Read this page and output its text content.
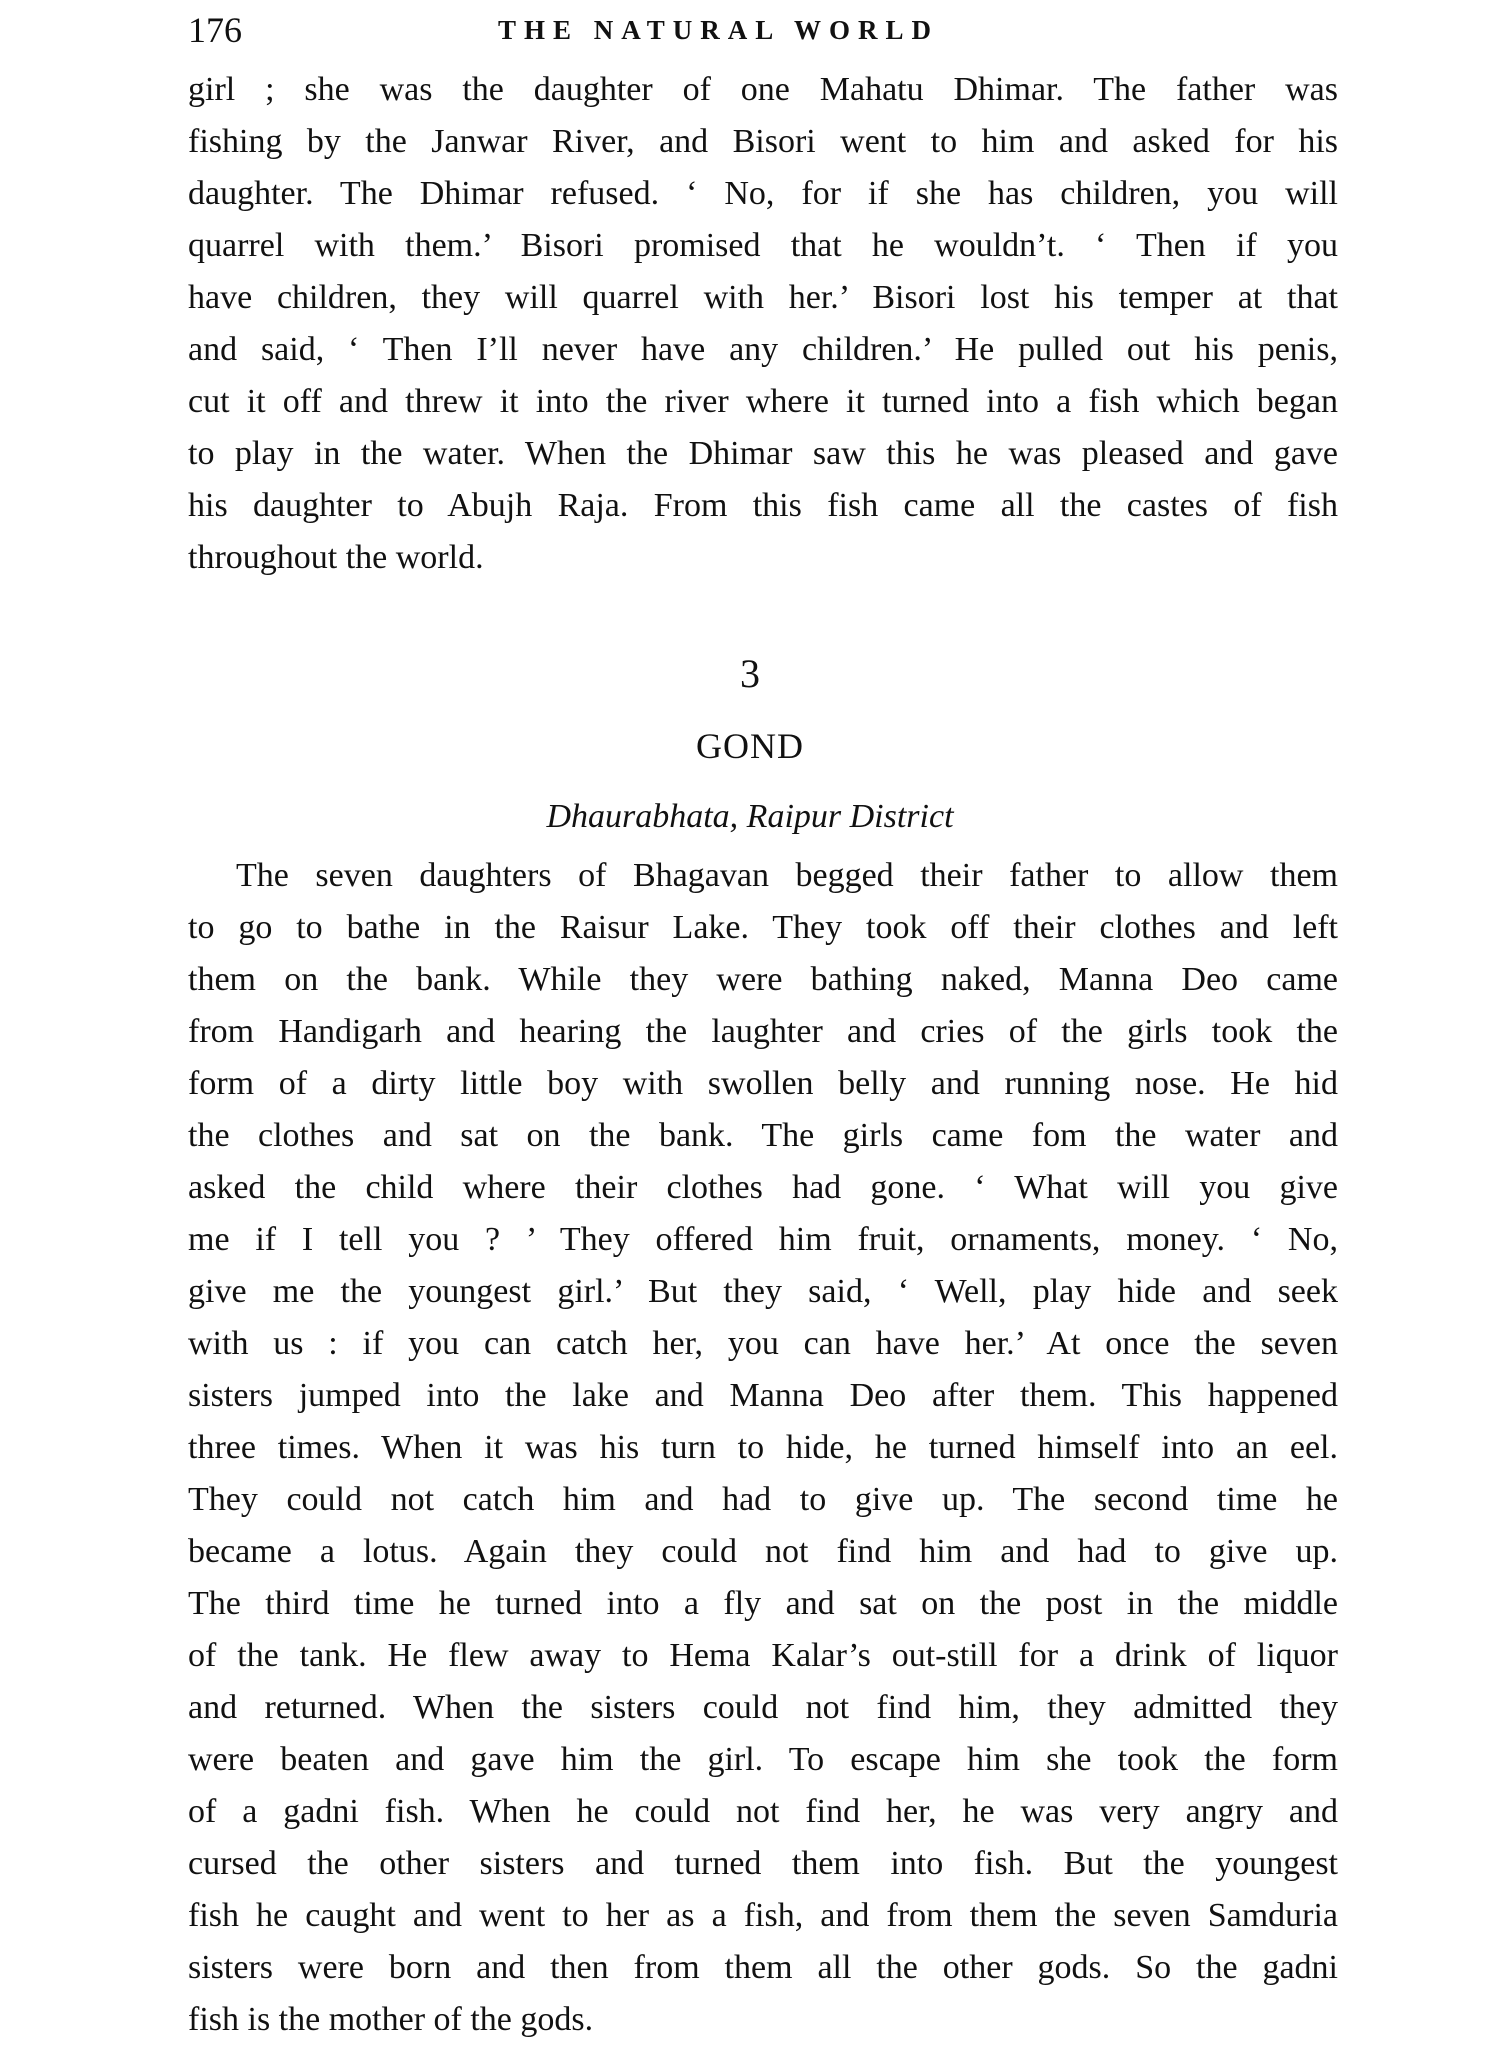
176	THE NATURAL WORLD
girl ; she was the daughter of one Mahatu Dhimar. The father was
fishing by the Janwar River, and Bisori went to him and asked for his
daughter. The Dhimar refused. ‘ No, for if she has children, you will
quarrel with them.’ Bisori promised that he wouldn’t. ‘ Then if you
have children, they will quarrel with her.’ Bisori lost his temper at that
and said, ‘ Then I’ll never have any children.’ He pulled out his penis,
cut it off and threw it into the river where it turned into a fish which began
to play in the water. When the Dhimar saw this he was pleased and gave
his daughter to Abujh Raja. From this fish came all the castes of fish
throughout the world.
3
GOND
Dhaurabhata, Raipur District
The seven daughters of Bhagavan begged their father to allow them
to go to bathe in the Raisur Lake. They took off their clothes and left
them on the bank. While they were bathing naked, Manna Deo came
from Handigarh and hearing the laughter and cries of the girls took the
form of a dirty little boy with swollen belly and running nose. He hid
the clothes and sat on the bank. The girls came fom the water and
asked the child where their clothes had gone. ‘ What will you give
me if I tell you ? ’ They offered him fruit, ornaments, money. ‘ No,
give me the youngest girl.’ But they said, ‘ Well, play hide and seek
with us : if you can catch her, you can have her.’ At once the seven
sisters jumped into the lake and Manna Deo after them. This happened
three times. When it was his turn to hide, he turned himself into an eel.
They could not catch him and had to give up. The second time he
became a lotus. Again they could not find him and had to give up.
The third time he turned into a fly and sat on the post in the middle
of the tank. He flew away to Hema Kalar’s out-still for a drink of liquor
and returned. When the sisters could not find him, they admitted they
were beaten and gave him the girl. To escape him she took the form
of a gadni fish. When he could not find her, he was very angry and
cursed the other sisters and turned them into fish. But the youngest
fish he caught and went to her as a fish, and from them the seven Samduria
sisters were born and then from them all the other gods. So the gadni
fish is the mother of the gods.
